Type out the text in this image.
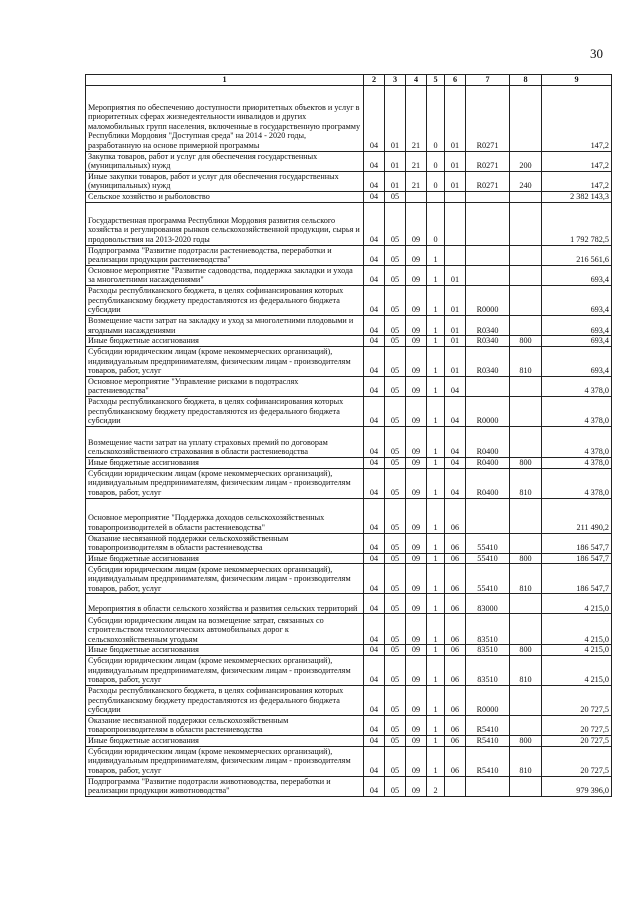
30
1	2	3	4	5	6	7	8	9
Мероприятия по обеспечению доступности приоритетных объектов и услуг в приоритетных сферах жизнедеятельности инвалидов и других маломобильных групп населения, включенные в государственную программу Республики Мордовия "Доступная среда" на 2014 - 2020 годы, разработанную на основе примерной программы	04	01	21	0	01	R0271		147,2
Закупка товаров, работ и услуг для обеспечения государственных (муниципальных) нужд	04	01	21	0	01	R0271	200	147,2
Иные закупки товаров, работ и услуг для обеспечения государственных (муниципальных) нужд	04	01	21	0	01	R0271	240	147,2
Сельское хозяйство и рыболовство	04	05						2 382 143,3
Государственная программа Республики Мордовия развития сельского хозяйства и регулирования рынков сельскохозяйственной продукции, сырья и продовольствия на 2013-2020 годы	04	05	09	0				1 792 782,5
Подпрограмма "Развитие подотрасли растениеводства, переработки и реализации продукции растениеводства"	04	05	09	1				216 561,6
Основное мероприятие "Развитие садоводства, поддержка закладки и ухода за многолетними насаждениями"	04	05	09	1	01			693,4
Расходы республиканского бюджета, в целях софинансирования которых республиканскому бюджету предоставляются из федерального бюджета субсидии	04	05	09	1	01	R0000		693,4
Возмещение части затрат на закладку и уход за многолетними плодовыми и ягодными насаждениями	04	05	09	1	01	R0340		693,4
Иные бюджетные ассигнования	04	05	09	1	01	R0340	800	693,4
Субсидии юридическим лицам (кроме некоммерческих организаций), индивидуальным предпринимателям, физическим лицам - производителям товаров, работ, услуг	04	05	09	1	01	R0340	810	693,4
Основное мероприятие "Управление рисками в подотраслях растениеводства"	04	05	09	1	04			4 378,0
Расходы республиканского бюджета, в целях софинансирования которых республиканскому бюджету предоставляются из федерального бюджета субсидии	04	05	09	1	04	R0000		4 378,0
Возмещение части затрат на уплату страховых премий по договорам сельскохозяйственного страхования в области растениеводства	04	05	09	1	04	R0400		4 378,0
Иные бюджетные ассигнования	04	05	09	1	04	R0400	800	4 378,0
Субсидии юридическим лицам (кроме некоммерческих организаций), индивидуальным предпринимателям, физическим лицам - производителям товаров, работ, услуг	04	05	09	1	04	R0400	810	4 378,0
Основное мероприятие "Поддержка доходов сельскохозяйственных товаропроизводителей в области растениеводства"	04	05	09	1	06			211 490,2
Оказание несвязанной поддержки сельскохозяйственным товаропроизводителям в области растениеводства	04	05	09	1	06	55410		186 547,7
Иные бюджетные ассигнования	04	05	09	1	06	55410	800	186 547,7
Субсидии юридическим лицам (кроме некоммерческих организаций), индивидуальным предпринимателям, физическим лицам - производителям товаров, работ, услуг	04	05	09	1	06	55410	810	186 547,7
Мероприятия в области сельского хозяйства и развития сельских территорий	04	05	09	1	06	83000		4 215,0
Субсидии юридическим лицам на возмещение затрат, связанных со строительством технологических автомобильных дорог к сельскохозяйственным угодьям	04	05	09	1	06	83510		4 215,0
Иные бюджетные ассигнования	04	05	09	1	06	83510	800	4 215,0
Субсидии юридическим лицам (кроме некоммерческих организаций), индивидуальным предпринимателям, физическим лицам - производителям товаров, работ, услуг	04	05	09	1	06	83510	810	4 215,0
Расходы республиканского бюджета, в целях софинансирования которых республиканскому бюджету предоставляются из федерального бюджета субсидии	04	05	09	1	06	R0000		20 727,5
Оказание несвязанной поддержки сельскохозяйственным товаропроизводителям в области растениеводства	04	05	09	1	06	R5410		20 727,5
Иные бюджетные ассигнования	04	05	09	1	06	R5410	800	20 727,5
Субсидии юридическим лицам (кроме некоммерческих организаций), индивидуальным предпринимателям, физическим лицам - производителям товаров, работ, услуг	04	05	09	1	06	R5410	810	20 727,5
Подпрограмма "Развитие подотрасли животноводства, переработки и реализации продукции животноводства"	04	05	09	2				979 396,0
